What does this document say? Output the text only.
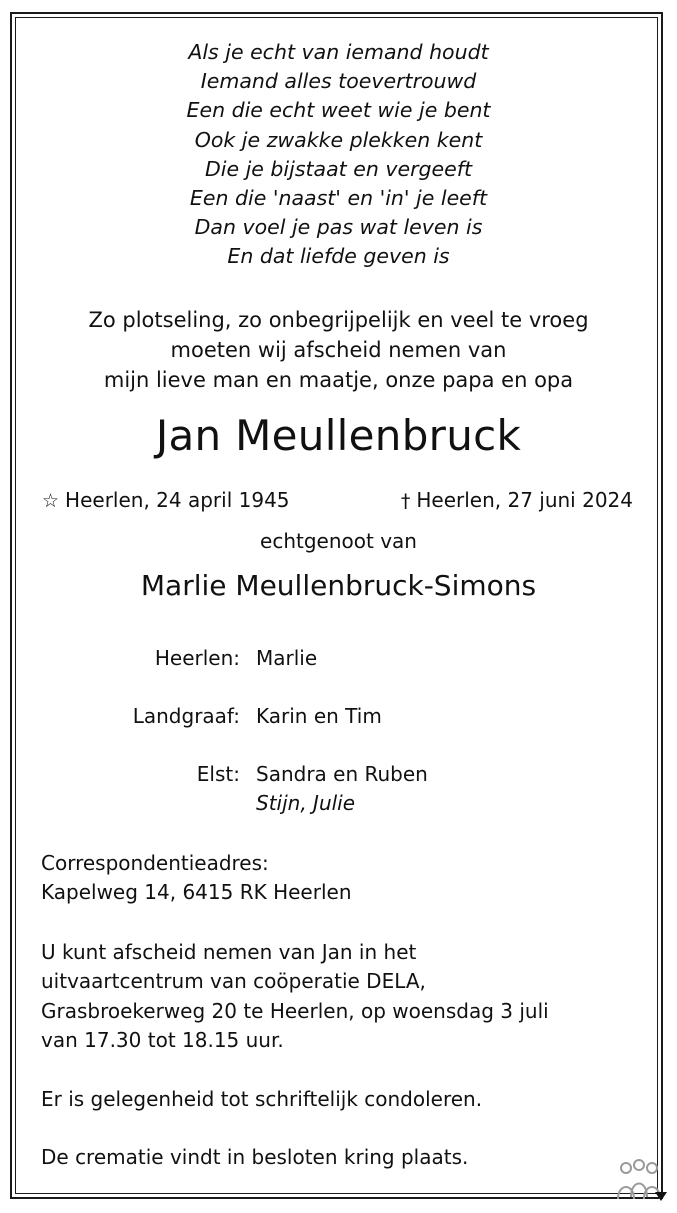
Als je echt van iemand houdt
Iemand alles toevertrouwd
Een die echt weet wie je bent
Ook je zwakke plekken kent
Die je bijstaat en vergeeft
Een die 'naast' en 'in' je leeft
Dan voel je pas wat leven is
En dat liefde geven is
Zo plotseling, zo onbegrijpelijk en veel te vroeg
moeten wij afscheid nemen van
mijn lieve man en maatje, onze papa en opa
Jan Meullenbruck
☆ Heerlen, 24 april 1945	† Heerlen, 27 juni 2024
echtgenoot van
Marlie Meullenbruck-Simons
Heerlen: Marlie
Landgraaf: Karin en Tim
Elst: Sandra en Ruben
Stijn, Julie
Correspondentieadres:
Kapelweg 14, 6415 RK Heerlen
U kunt afscheid nemen van Jan in het
uitvaartcentrum van coöperatie DELA,
Grasbroekerweg 20 te Heerlen, op woensdag 3 juli
van 17.30 tot 18.15 uur.
Er is gelegenheid tot schriftelijk condoleren.
De crematie vindt in besloten kring plaats.
